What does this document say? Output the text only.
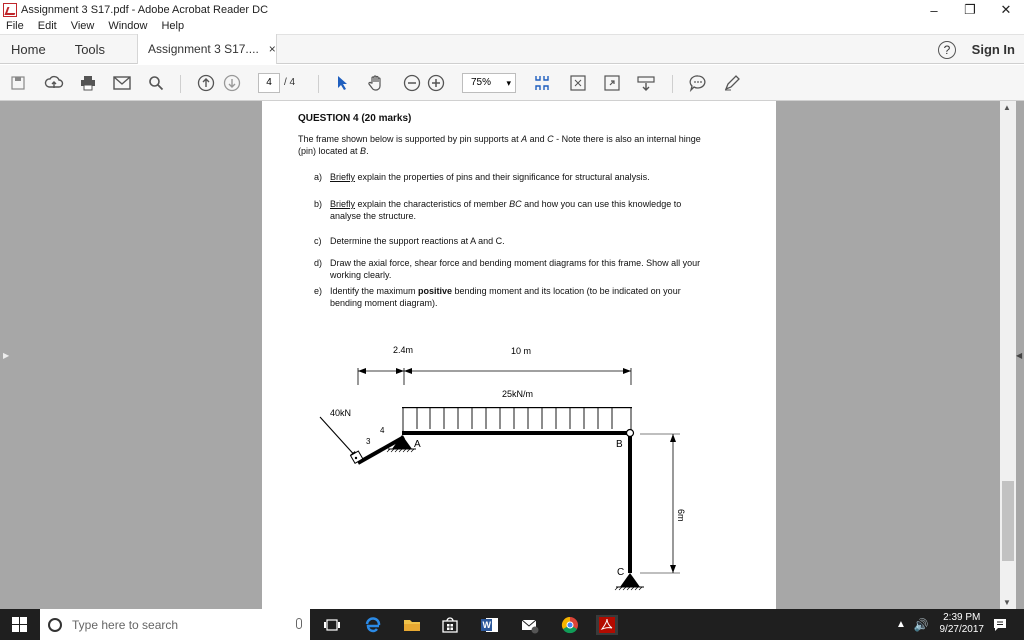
Assignment 3 S17.pdf - Adobe Acrobat Reader DC	–	❐	✕
File Edit View Window Help
Home Tools	Assignment 3 S17.... ×	?	Sign In
4	/ 4	75% ▾
▶
QUESTION 4 (20 marks)
The frame shown below is supported by pin supports at A and C - Note there is also an internal hinge (pin) located at B.
a) Briefly explain the properties of pins and their significance for structural analysis.
b) Briefly explain the characteristics of member BC and how you can use this knowledge to analyse the structure.
c) Determine the support reactions at A and C.
d) Draw the axial force, shear force and bending moment diagrams for this frame. Show all your working clearly.
e) Identify the maximum positive bending moment and its location (to be indicated on your bending moment diagram).
2.4m	10 m
25kN/m
40kN
4
3	A	B
C
6m
▲
▼
◀
Type here to search	W	▲ 🔊	2:39 PM
9/27/2017
